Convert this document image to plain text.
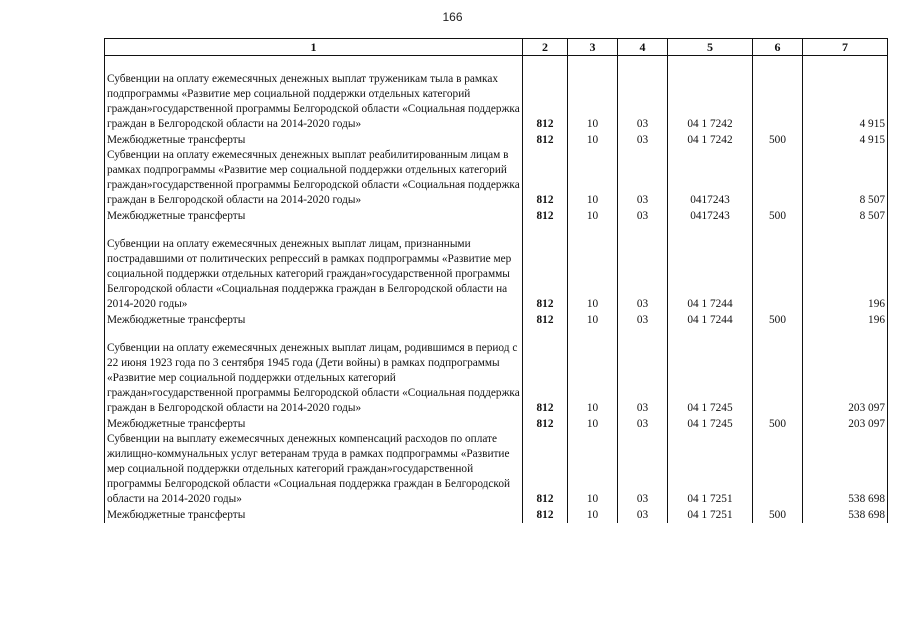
166
1	2	3	4	5	6	7
Субвенции на оплату ежемесячных денежных выплат труженикам тыла в рамках подпрограммы «Развитие мер социальной поддержки отдельных категорий граждан»государственной программы Белгородской области «Социальная поддержка граждан в Белгородской области на 2014-2020 годы»	812	10	03	04 1 7242		4 915
Межбюджетные трансферты	812	10	03	04 1 7242	500	4 915
Субвенции на оплату ежемесячных денежных выплат реабилитированным лицам в рамках подпрограммы «Развитие мер социальной поддержки отдельных категорий граждан»государственной программы Белгородской области «Социальная поддержка граждан в Белгородской области на 2014-2020 годы»	812	10	03	0417243		8 507
Межбюджетные трансферты	812	10	03	0417243	500	8 507
Субвенции на оплату ежемесячных денежных выплат лицам, признанными пострадавшими от политических репрессий в рамках подпрограммы «Развитие мер социальной поддержки отдельных категорий граждан»государственной программы Белгородской области «Социальная поддержка граждан в Белгородской области на 2014-2020 годы»	812	10	03	04 1 7244		196
Межбюджетные трансферты	812	10	03	04 1 7244	500	196
Субвенции на оплату ежемесячных денежных выплат лицам, родившимся в период с 22 июня 1923 года по 3 сентября 1945 года (Дети войны) в рамках подпрограммы «Развитие мер социальной поддержки отдельных категорий граждан»государственной программы Белгородской области «Социальная поддержка граждан в Белгородской области на 2014-2020 годы»	812	10	03	04 1 7245		203 097
Межбюджетные трансферты	812	10	03	04 1 7245	500	203 097
Субвенции на выплату ежемесячных денежных компенсаций расходов по оплате жилищно-коммунальных услуг ветеранам труда в рамках подпрограммы «Развитие мер социальной поддержки отдельных категорий граждан»государственной программы Белгородской области «Социальная поддержка граждан в Белгородской области на 2014-2020 годы»	812	10	03	04 1 7251		538 698
Межбюджетные трансферты	812	10	03	04 1 7251	500	538 698
